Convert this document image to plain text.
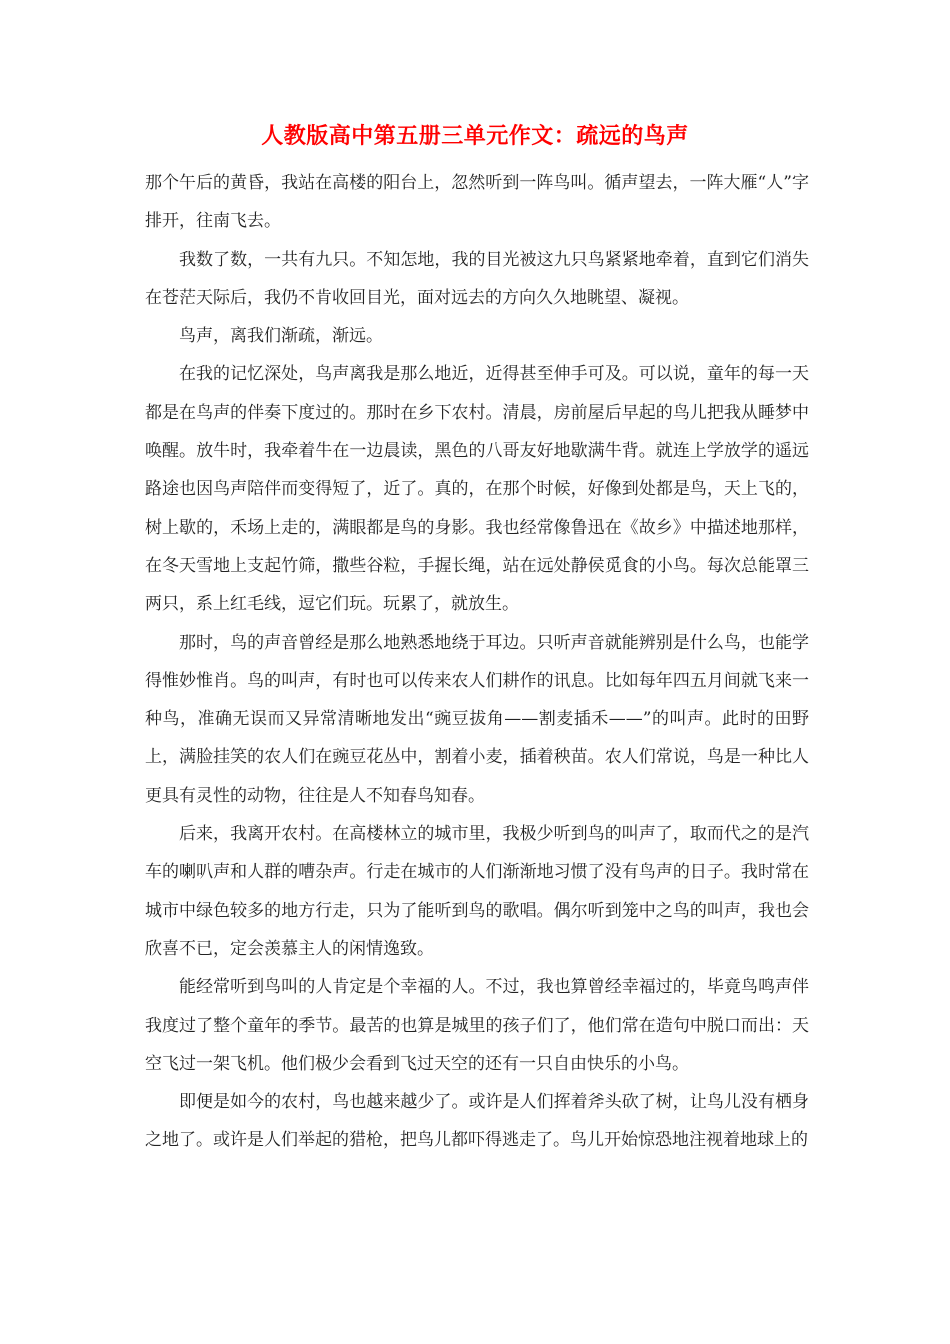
人教版高中第五册三单元作文：疏远的鸟声

那个午后的黄昏，我站在高楼的阳台上，忽然听到一阵鸟叫。循声望去，一阵大雁“人”字排开，往南飞去。

我数了数，一共有九只。不知怎地，我的目光被这九只鸟紧紧地牵着，直到它们消失在苍茫天际后，我仍不肯收回目光，面对远去的方向久久地眺望、凝视。

鸟声，离我们渐疏，渐远。

在我的记忆深处，鸟声离我是那么地近，近得甚至伸手可及。可以说，童年的每一天都是在鸟声的伴奏下度过的。那时在乡下农村。清晨，房前屋后早起的鸟儿把我从睡梦中唤醒。放牛时，我牵着牛在一边晨读，黑色的八哥友好地歇满牛背。就连上学放学的遥远路途也因鸟声陪伴而变得短了，近了。真的，在那个时候，好像到处都是鸟，天上飞的，树上歇的，禾场上走的，满眼都是鸟的身影。我也经常像鲁迅在《故乡》中描述地那样，在冬天雪地上支起竹筛，撒些谷粒，手握长绳，站在远处静侯觅食的小鸟。每次总能罩三两只，系上红毛线，逗它们玩。玩累了，就放生。

那时，鸟的声音曾经是那么地熟悉地绕于耳边。只听声音就能辨别是什么鸟，也能学得惟妙惟肖。鸟的叫声，有时也可以传来农人们耕作的讯息。比如每年四五月间就飞来一种鸟，准确无误而又异常清晰地发出“豌豆拔角——割麦插禾——”的叫声。此时的田野上，满脸挂笑的农人们在豌豆花丛中，割着小麦，插着秧苗。农人们常说，鸟是一种比人更具有灵性的动物，往往是人不知春鸟知春。

后来，我离开农村。在高楼林立的城市里，我极少听到鸟的叫声了，取而代之的是汽车的喇叭声和人群的嘈杂声。行走在城市的人们渐渐地习惯了没有鸟声的日子。我时常在城市中绿色较多的地方行走，只为了能听到鸟的歌唱。偶尔听到笼中之鸟的叫声，我也会欣喜不已，定会羡慕主人的闲情逸致。

能经常听到鸟叫的人肯定是个幸福的人。不过，我也算曾经幸福过的，毕竟鸟鸣声伴我度过了整个童年的季节。最苦的也算是城里的孩子们了，他们常在造句中脱口而出：天空飞过一架飞机。他们极少会看到飞过天空的还有一只自由快乐的小鸟。

即便是如今的农村，鸟也越来越少了。或许是人们挥着斧头砍了树，让鸟儿没有栖身之地了。或许是人们举起的猎枪，把鸟儿都吓得逃走了。鸟儿开始惊恐地注视着地球上的
